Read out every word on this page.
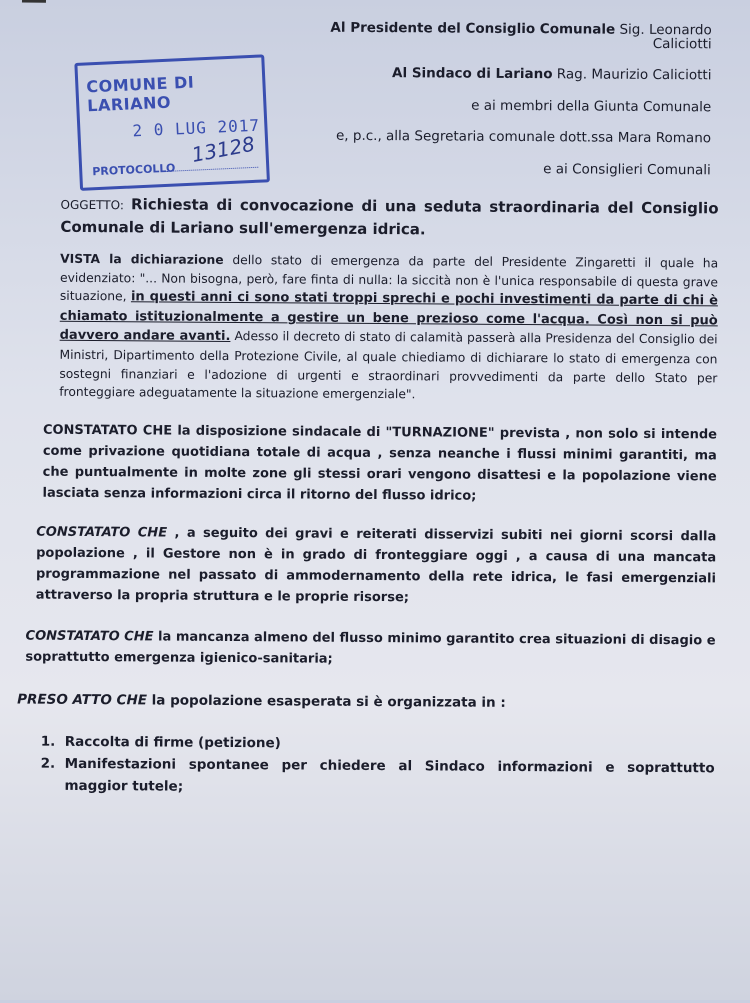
Al Presidente del Consiglio Comunale Sig. Leonardo Caliciotti
Al Sindaco di Lariano Rag. Maurizio Caliciotti
e ai membri della Giunta Comunale
e, p.c., alla Segretaria comunale dott.ssa Mara Romano
e ai Consiglieri Comunali
COMUNE DI LARIANO
2 0 LUG 2017
13128
PROTOCOLLO
OGGETTO: Richiesta di convocazione di una seduta straordinaria del Consiglio Comunale di Lariano sull'emergenza idrica.
VISTA la dichiarazione dello stato di emergenza da parte del Presidente Zingaretti il quale ha evidenziato: "... Non bisogna, però, fare finta di nulla: la siccità non è l'unica responsabile di questa grave situazione, in questi anni ci sono stati troppi sprechi e pochi investimenti da parte di chi è chiamato istituzionalmente a gestire un bene prezioso come l'acqua. Così non si può davvero andare avanti. Adesso il decreto di stato di calamità passerà alla Presidenza del Consiglio dei Ministri, Dipartimento della Protezione Civile, al quale chiediamo di dichiarare lo stato di emergenza con sostegni finanziari e l'adozione di urgenti e straordinari provvedimenti da parte dello Stato per fronteggiare adeguatamente la situazione emergenziale".
CONSTATATO CHE la disposizione sindacale di "TURNAZIONE" prevista , non solo si intende come privazione quotidiana totale di acqua , senza neanche i flussi minimi garantiti, ma che puntualmente in molte zone gli stessi orari vengono disattesi e la popolazione viene lasciata senza informazioni circa il ritorno del flusso idrico;
CONSTATATO CHE , a seguito dei gravi e reiterati disservizi subiti nei giorni scorsi dalla popolazione , il Gestore non è in grado di fronteggiare oggi , a causa di una mancata programmazione nel passato di ammodernamento della rete idrica, le fasi emergenziali attraverso la propria struttura e le proprie risorse;
CONSTATATO CHE la mancanza almeno del flusso minimo garantito crea situazioni di disagio e soprattutto emergenza igienico-sanitaria;
PRESO ATTO CHE la popolazione esasperata si è organizzata in :
1. Raccolta di firme (petizione)
2. Manifestazioni spontanee per chiedere al Sindaco informazioni e soprattutto maggior tutele;
